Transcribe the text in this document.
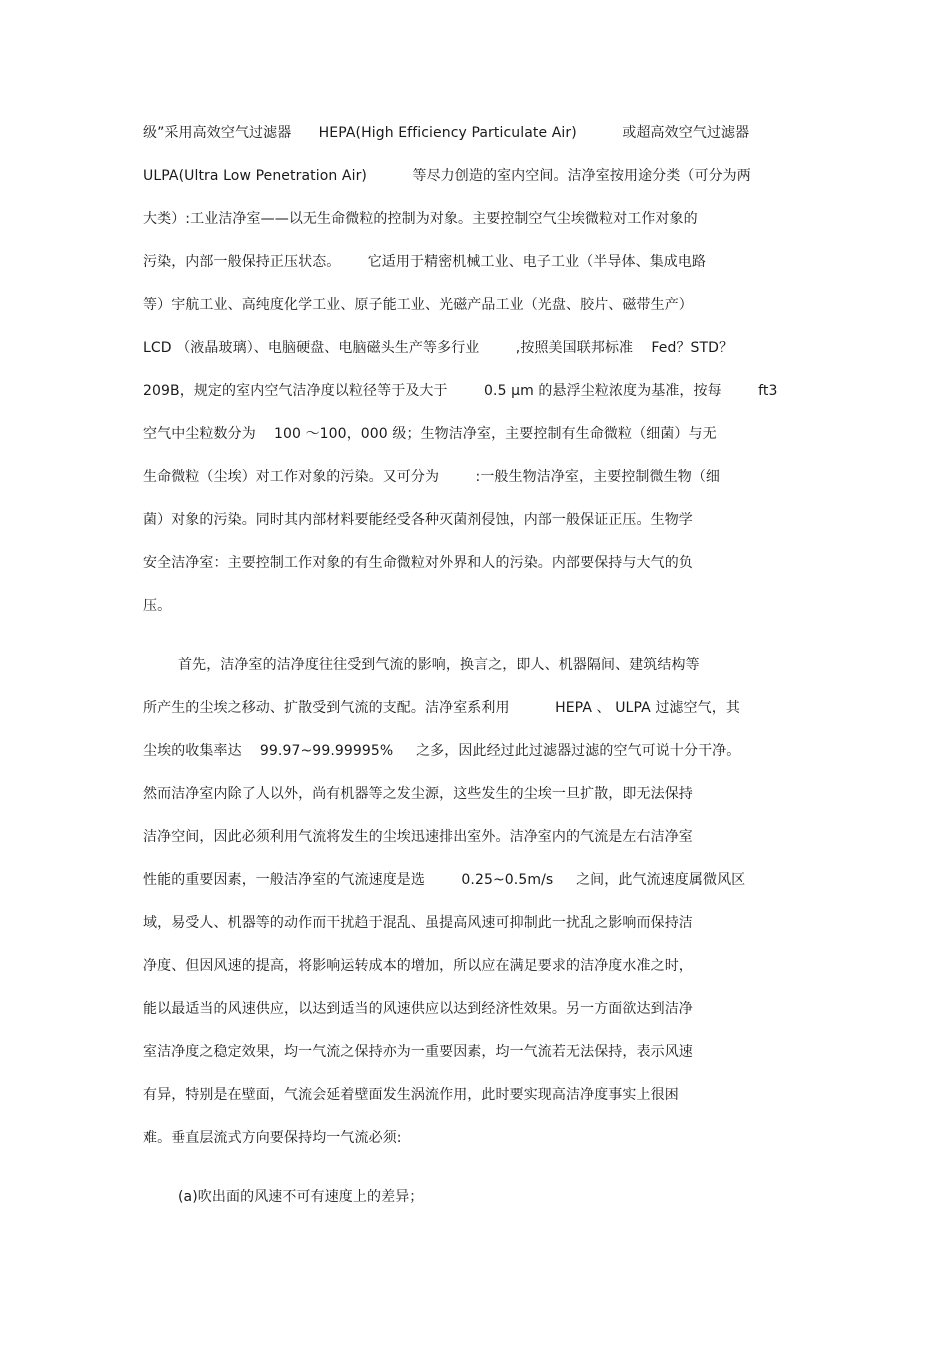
级”采用高效空气过滤器      HEPA(High Efficiency Particulate Air)          或超高效空气过滤器
ULPA(Ultra Low Penetration Air)          等尽力创造的室内空间。洁净室按用途分类（可分为两
大类）:工业洁净室——以无生命微粒的控制为对象。主要控制空气尘埃微粒对工作对象的
污染，内部一般保持正压状态。      它适用于精密机械工业、电子工业（半导体、集成电路
等）宇航工业、高纯度化学工业、原子能工业、光磁产品工业（光盘、胶片、磁带生产）
LCD （液晶玻璃）、电脑硬盘、电脑磁头生产等多行业        ,按照美国联邦标准    Fed？STD？
209B，规定的室内空气洁净度以粒径等于及大于        0.5 μm 的悬浮尘粒浓度为基准，按每        ft3
空气中尘粒数分为    100 ～100，000 级；生物洁净室，主要控制有生命微粒（细菌）与无
生命微粒（尘埃）对工作对象的污染。又可分为        :一般生物洁净室，主要控制微生物（细
菌）对象的污染。同时其内部材料要能经受各种灭菌剂侵蚀，内部一般保证正压。生物学
安全洁净室：主要控制工作对象的有生命微粒对外界和人的污染。内部要保持与大气的负
压。
首先，洁净室的洁净度往往受到气流的影响，换言之，即人、机器隔间、建筑结构等
所产生的尘埃之移动、扩散受到气流的支配。洁净室系利用          HEPA 、 ULPA 过滤空气，其
尘埃的收集率达    99.97~99.99995%     之多，因此经过此过滤器过滤的空气可说十分干净。
然而洁净室内除了人以外，尚有机器等之发尘源，这些发生的尘埃一旦扩散，即无法保持
洁净空间，因此必须利用气流将发生的尘埃迅速排出室外。洁净室内的气流是左右洁净室
性能的重要因素，一般洁净室的气流速度是选        0.25~0.5m/s     之间，此气流速度属微风区
域，易受人、机器等的动作而干扰趋于混乱、虽提高风速可抑制此一扰乱之影响而保持洁
净度、但因风速的提高，将影响运转成本的增加，所以应在满足要求的洁净度水准之时，
能以最适当的风速供应，以达到适当的风速供应以达到经济性效果。另一方面欲达到洁净
室洁净度之稳定效果，均一气流之保持亦为一重要因素，均一气流若无法保持，表示风速
有异，特别是在壁面，气流会延着壁面发生涡流作用，此时要实现高洁净度事实上很困
难。垂直层流式方向要保持均一气流必须:
(a)吹出面的风速不可有速度上的差异；
